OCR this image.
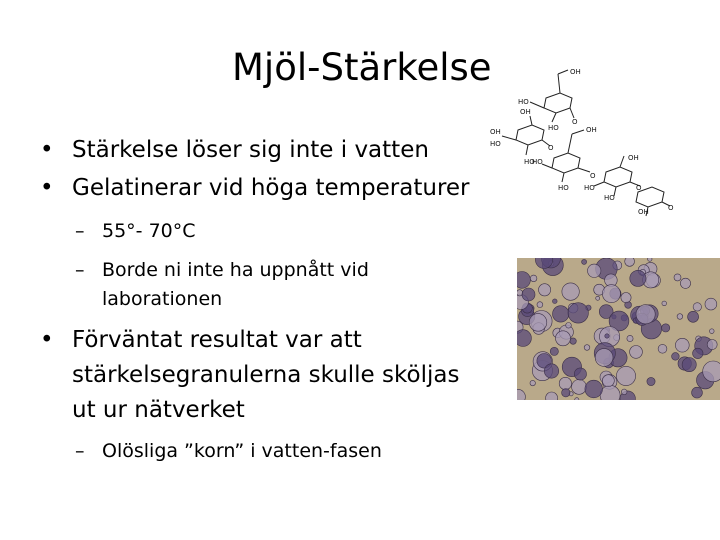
Mjöl-Stärkelse
• Stärkelse löser sig inte i vatten
• Gelatinerar vid höga temperaturer
– 55°- 70°C
– Borde ni inte ha uppnått vid
laborationen
• Förväntat resultat var att
stärkelsegranulerna skulle sköljas
ut ur nätverket
– Olösliga ”korn” i vatten-fasen
OH
HO
HO
OH
O
OH
HO
HO
O
OH
HO
HO
O
OH
HO	O
HO
OH	O
